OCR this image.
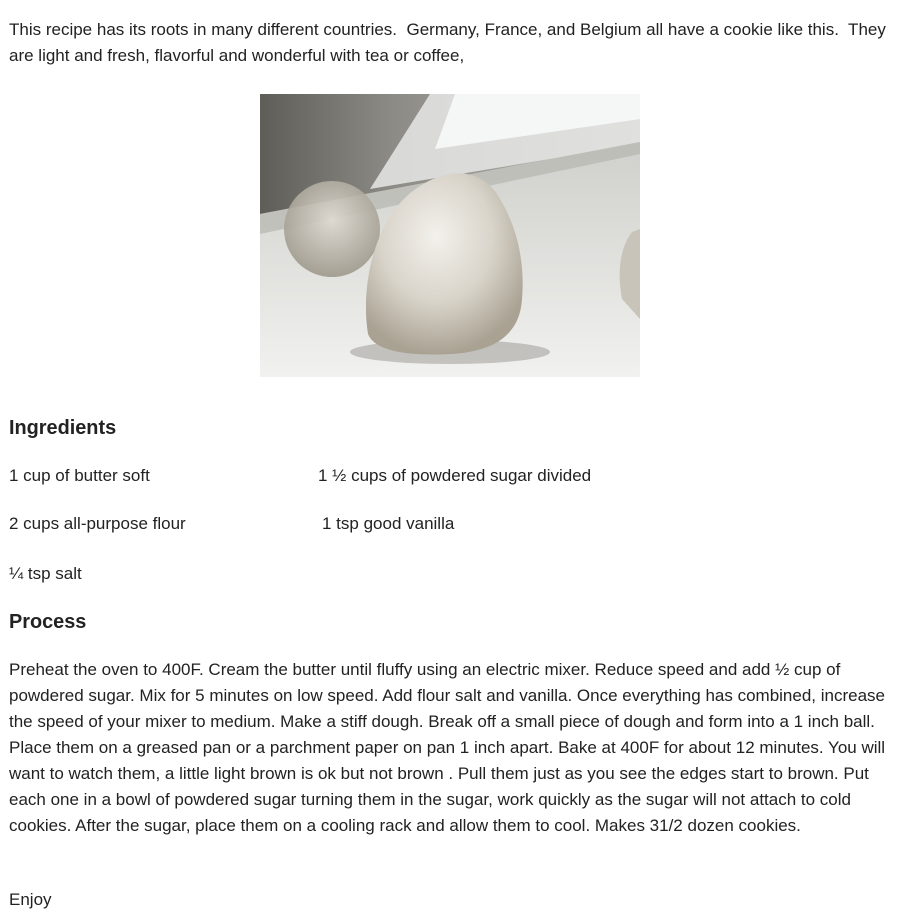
This recipe has its roots in many different countries.  Germany, France, and Belgium all have a cookie like this.  They are light and fresh, flavorful and wonderful with tea or coffee,

Ingredients

1 cup of butter soft	1 ½ cups of powdered sugar divided

2 cups all-purpose flour	1 tsp good vanilla

¼ tsp salt

Process

Preheat the oven to 400F. Cream the butter until fluffy using an electric mixer. Reduce speed and add ½ cup of powdered sugar. Mix for 5 minutes on low speed. Add flour salt and vanilla. Once everything has combined, increase the speed of your mixer to medium. Make a stiff dough. Break off a small piece of dough and form into a 1 inch ball. Place them on a greased pan or a parchment paper on pan 1 inch apart. Bake at 400F for about 12 minutes. You will want to watch them, a little light brown is ok but not brown . Pull them just as you see the edges start to brown. Put each one in a bowl of powdered sugar turning them in the sugar, work quickly as the sugar will not attach to cold cookies. After the sugar, place them on a cooling rack and allow them to cool. Makes 31/2 dozen cookies.

Enjoy
